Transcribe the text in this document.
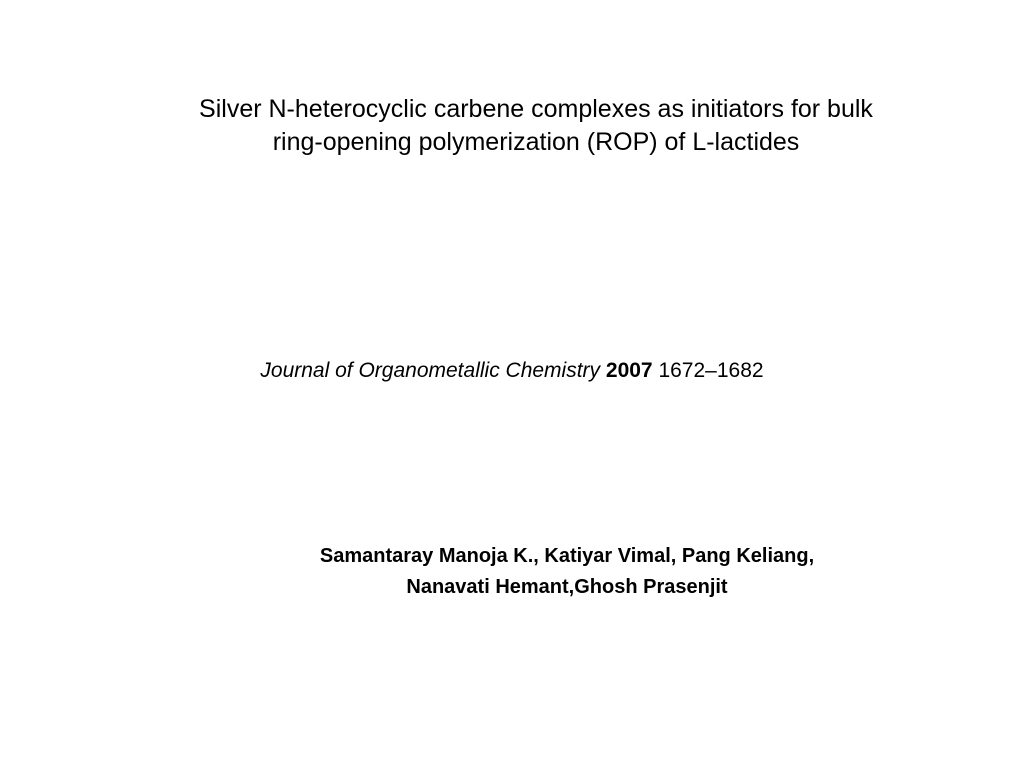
Silver N-heterocyclic carbene complexes as initiators for bulk
ring-opening polymerization (ROP) of L-lactides
Journal of Organometallic Chemistry 2007 1672–1682
Samantaray Manoja K., Katiyar Vimal, Pang Keliang,
Nanavati Hemant,Ghosh Prasenjit
